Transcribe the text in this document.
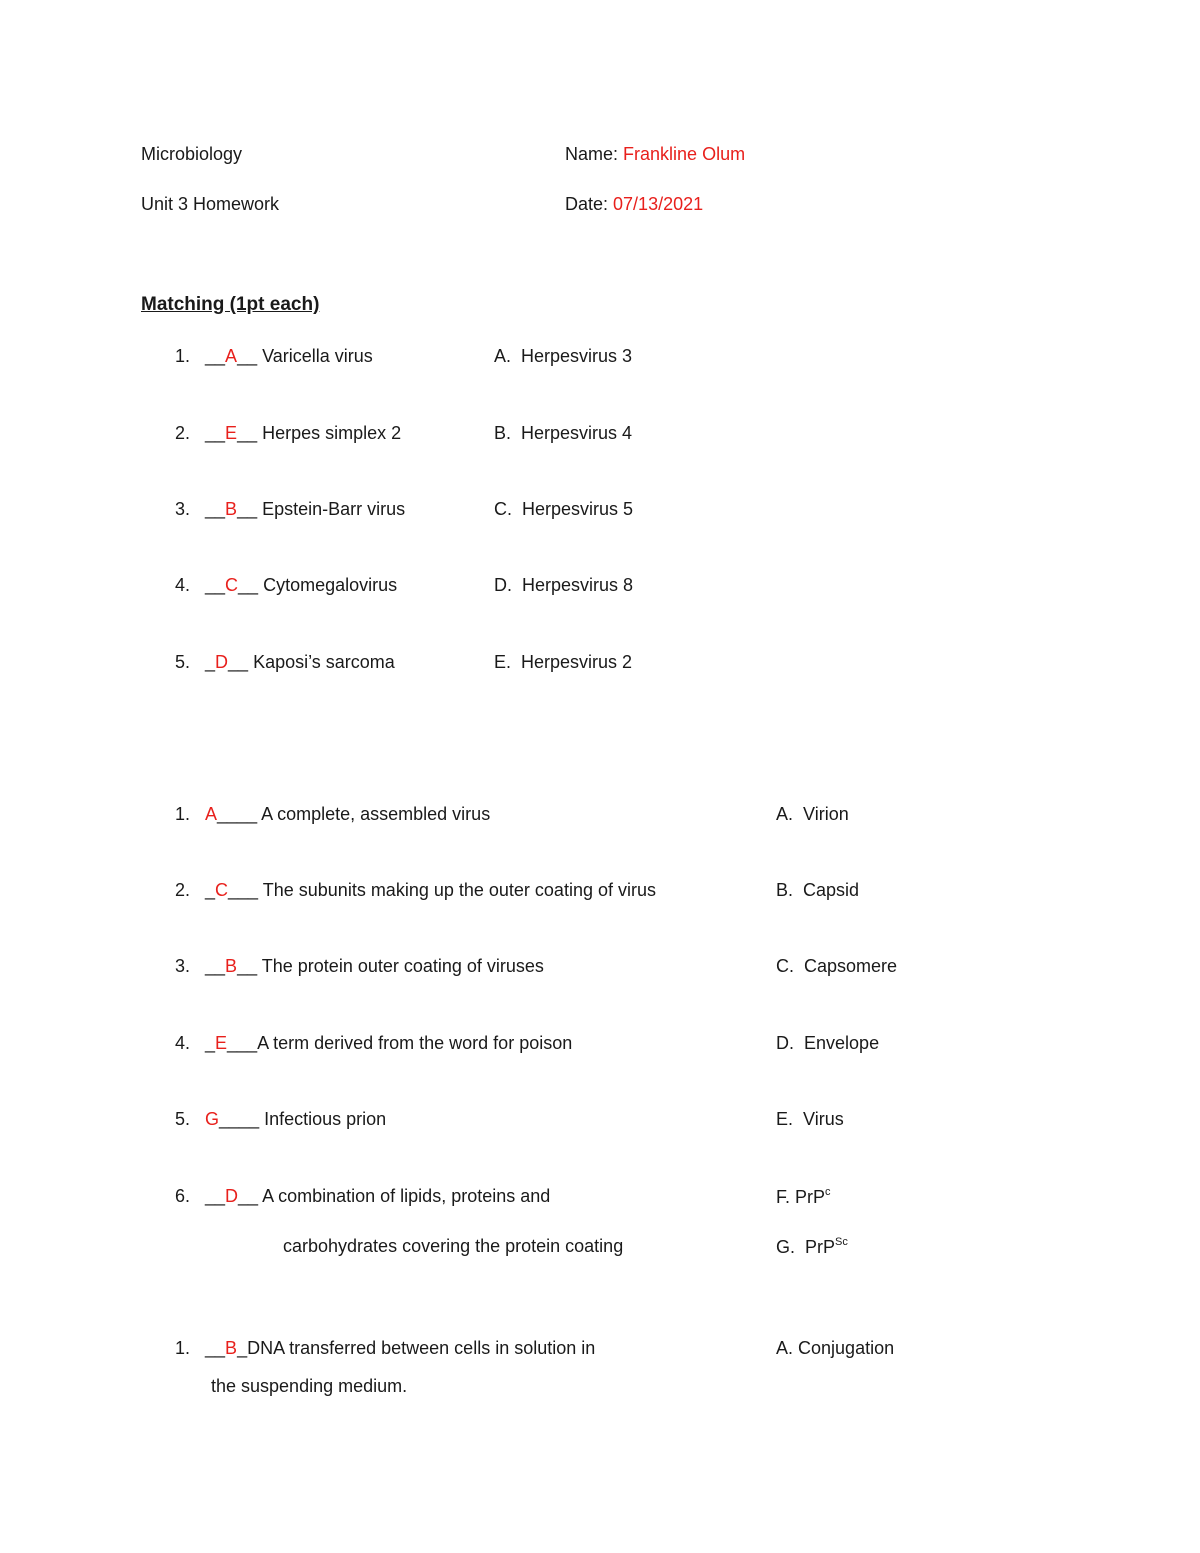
Microbiology
Unit 3 Homework
Name: Frankline Olum
Date: 07/13/2021
Matching (1pt each)
1. __A__ Varicella virus
2. __E__ Herpes simplex 2
3. __B__ Epstein-Barr virus
4. __C__ Cytomegalovirus
5. _D__ Kaposi’s sarcoma
A. Herpesvirus 3
B. Herpesvirus 4
C. Herpesvirus 5
D. Herpesvirus 8
E. Herpesvirus 2
1. A____ A complete, assembled virus
2. _C___ The subunits making up the outer coating of virus
3. __B__ The protein outer coating of viruses
4. _E___A term derived from the word for poison
5. G____ Infectious prion
6. __D__ A combination of lipids, proteins and
carbohydrates covering the protein coating
A. Virion
B. Capsid
C. Capsomere
D. Envelope
E. Virus
F. PrP$^c$
G. PrP$^{Sc}$
1. __B_DNA transferred between cells in solution in
the suspending medium.
A. Conjugation
